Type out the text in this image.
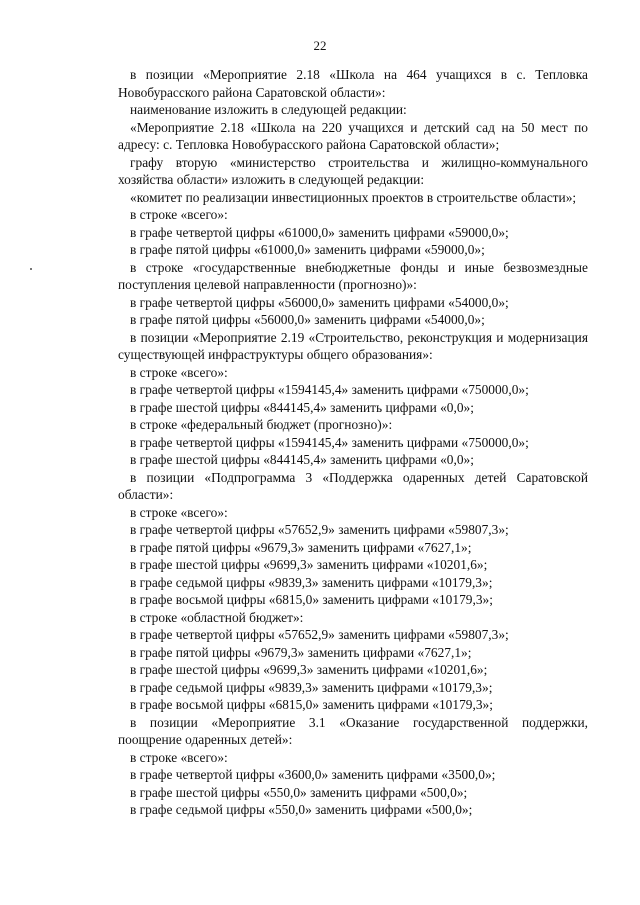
22

в позиции «Мероприятие 2.18 «Школа на 464 учащихся в с. Тепловка Новобурасского района Саратовской области»:

наименование изложить в следующей редакции:

«Мероприятие 2.18 «Школа на 220 учащихся и детский сад на 50 мест по адресу: с. Тепловка Новобурасского района Саратовской области»;

графу вторую «министерство строительства и жилищно-коммунального хозяйства области» изложить в следующей редакции:

«комитет по реализации инвестиционных проектов в строительстве области»;

в строке «всего»:

в графе четвертой цифры «61000,0» заменить цифрами «59000,0»;

в графе пятой цифры «61000,0» заменить цифрами «59000,0»;

в строке «государственные внебюджетные фонды и иные безвозмездные поступления целевой направленности (прогнозно)»:

в графе четвертой цифры «56000,0» заменить цифрами «54000,0»;

в графе пятой цифры «56000,0» заменить цифрами «54000,0»;

в позиции «Мероприятие 2.19 «Строительство, реконструкция и модернизация существующей инфраструктуры общего образования»:

в строке «всего»:

в графе четвертой цифры «1594145,4» заменить цифрами «750000,0»;

в графе шестой цифры «844145,4» заменить цифрами «0,0»;

в строке «федеральный бюджет (прогнозно)»:

в графе четвертой цифры «1594145,4» заменить цифрами «750000,0»;

в графе шестой цифры «844145,4» заменить цифрами «0,0»;

в позиции «Подпрограмма 3 «Поддержка одаренных детей Саратовской области»:

в строке «всего»:

в графе четвертой цифры «57652,9» заменить цифрами «59807,3»;

в графе пятой цифры «9679,3» заменить цифрами «7627,1»;

в графе шестой цифры «9699,3» заменить цифрами «10201,6»;

в графе седьмой цифры «9839,3» заменить цифрами «10179,3»;

в графе восьмой цифры «6815,0» заменить цифрами «10179,3»;

в строке «областной бюджет»:

в графе четвертой цифры «57652,9» заменить цифрами «59807,3»;

в графе пятой цифры «9679,3» заменить цифрами «7627,1»;

в графе шестой цифры «9699,3» заменить цифрами «10201,6»;

в графе седьмой цифры «9839,3» заменить цифрами «10179,3»;

в графе восьмой цифры «6815,0» заменить цифрами «10179,3»;

в позиции «Мероприятие 3.1 «Оказание государственной поддержки, поощрение одаренных детей»:

в строке «всего»:

в графе четвертой цифры «3600,0» заменить цифрами «3500,0»;

в графе шестой цифры «550,0» заменить цифрами «500,0»;

в графе седьмой цифры «550,0» заменить цифрами «500,0»;
